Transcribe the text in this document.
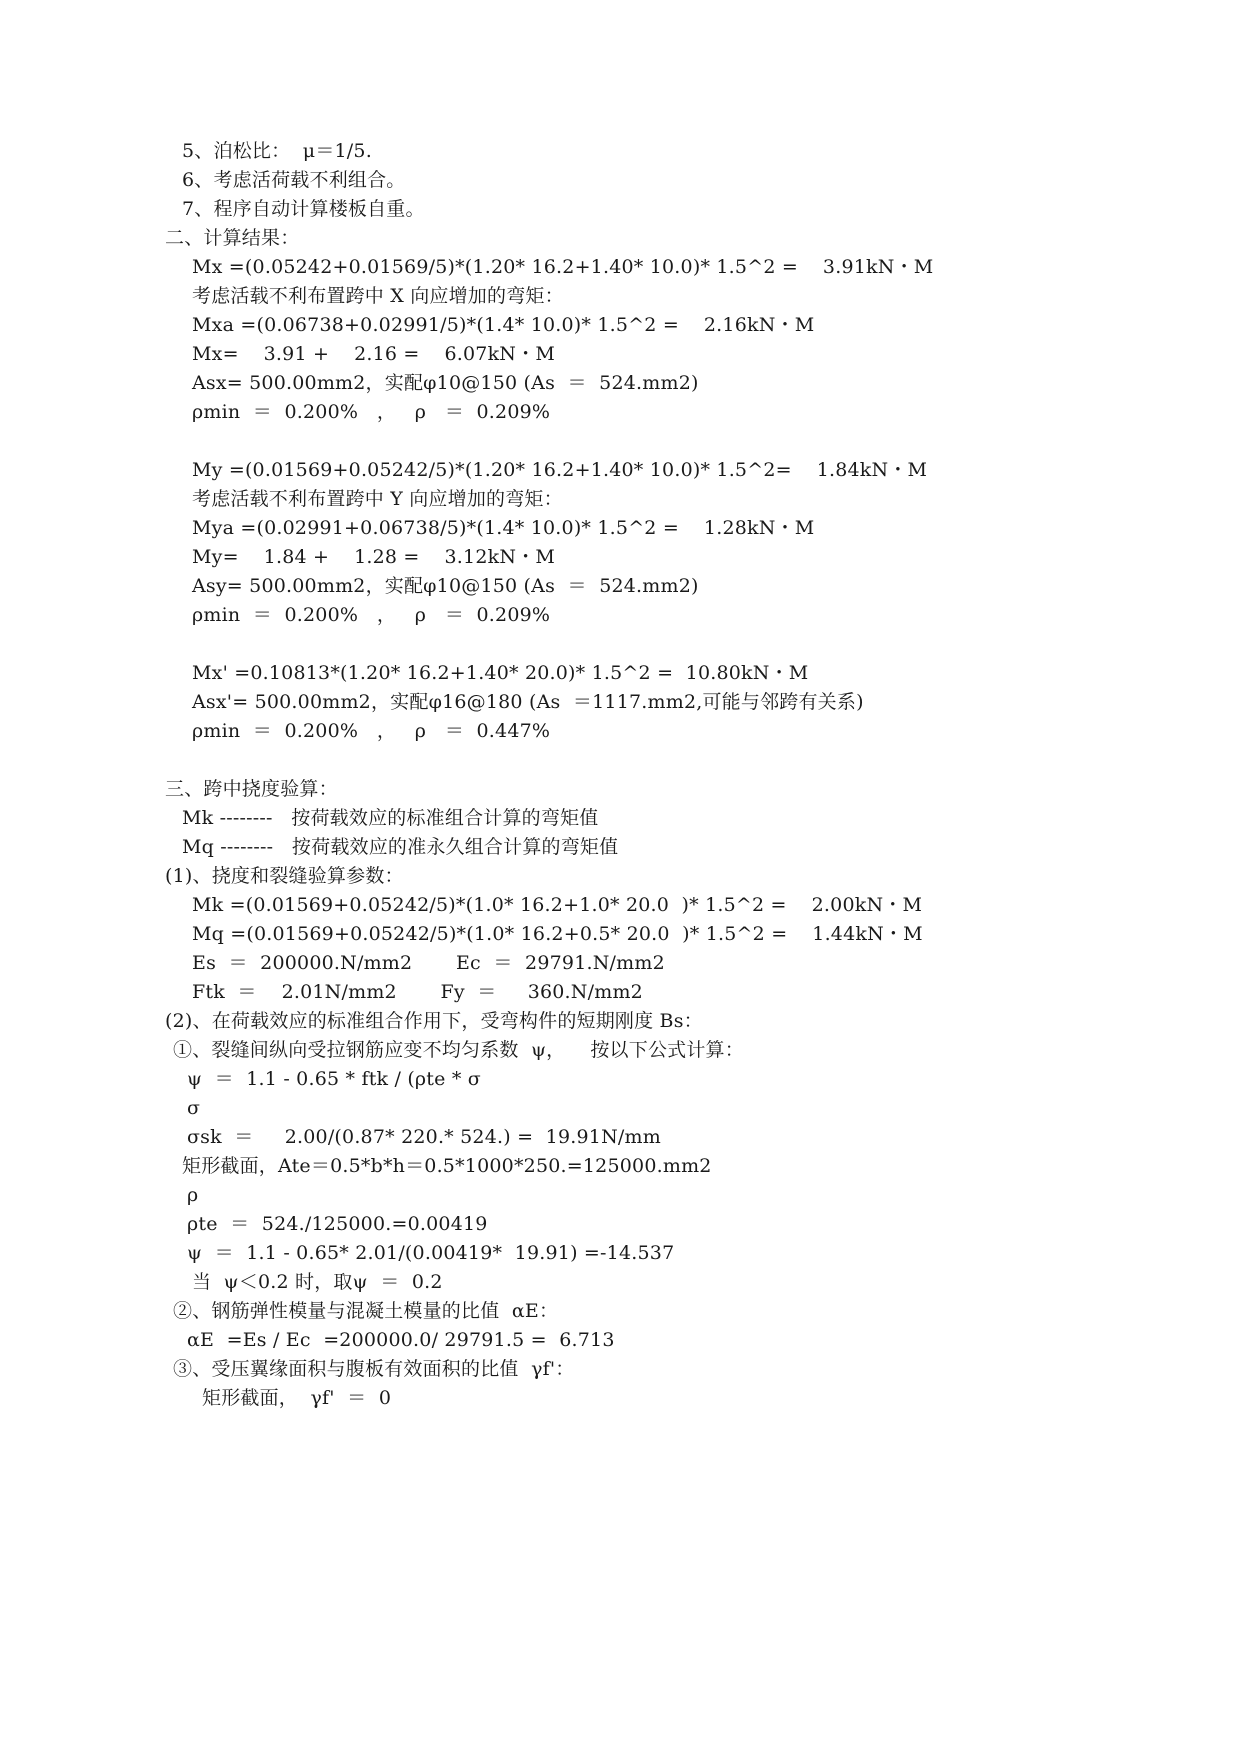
5、泊松比：  μ＝1/5.
6、考虑活荷载不利组合。
7、程序自动计算楼板自重。
二、计算结果：
Mx =(0.05242+0.01569/5)*(1.20* 16.2+1.40* 10.0)* 1.5^2 =    3.91kN・M
考虑活载不利布置跨中 X 向应增加的弯矩：
Mxa =(0.06738+0.02991/5)*(1.4* 10.0)* 1.5^2 =    2.16kN・M
Mx=    3.91 +    2.16 =    6.07kN・M
Asx= 500.00mm2，实配φ10@150 (As  ＝  524.mm2)
ρmin  ＝  0.200%   ，   ρ   ＝  0.209%
My =(0.01569+0.05242/5)*(1.20* 16.2+1.40* 10.0)* 1.5^2=    1.84kN・M
考虑活载不利布置跨中 Y 向应增加的弯矩：
Mya =(0.02991+0.06738/5)*(1.4* 10.0)* 1.5^2 =    1.28kN・M
My=    1.84 +    1.28 =    3.12kN・M
Asy= 500.00mm2，实配φ10@150 (As  ＝  524.mm2)
ρmin  ＝  0.200%   ，   ρ   ＝  0.209%
Mx' =0.10813*(1.20* 16.2+1.40* 20.0)* 1.5^2 =  10.80kN・M
Asx'= 500.00mm2，实配φ16@180 (As  ＝1117.mm2,可能与邻跨有关系)
ρmin  ＝  0.200%   ，   ρ   ＝  0.447%
三、跨中挠度验算：
Mk --------   按荷载效应的标准组合计算的弯矩值
Mq --------   按荷载效应的准永久组合计算的弯矩值
(1)、挠度和裂缝验算参数：
Mk =(0.01569+0.05242/5)*(1.0* 16.2+1.0* 20.0  )* 1.5^2 =    2.00kN・M
Mq =(0.01569+0.05242/5)*(1.0* 16.2+0.5* 20.0  )* 1.5^2 =    1.44kN・M
Es  ＝  200000.N/mm2       Ec  ＝  29791.N/mm2
Ftk  ＝    2.01N/mm2       Fy  ＝     360.N/mm2
(2)、在荷载效应的标准组合作用下，受弯构件的短期刚度 Bs：
①、裂缝间纵向受拉钢筋应变不均匀系数  ψ，    按以下公式计算：
ψ  ＝  1.1 - 0.65 * ftk / (ρte * σ
σ
σsk  ＝     2.00/(0.87* 220.* 524.) =  19.91N/mm
矩形截面，Ate＝0.5*b*h＝0.5*1000*250.=125000.mm2
ρ
ρte  ＝  524./125000.=0.00419
ψ  ＝  1.1 - 0.65* 2.01/(0.00419*  19.91) =-14.537
当  ψ＜0.2 时，取ψ  ＝  0.2
②、钢筋弹性模量与混凝土模量的比值  αE：
αE  =Es / Ec  =200000.0/ 29791.5 =  6.713
③、受压翼缘面积与腹板有效面积的比值  γf'：
矩形截面，  γf'  ＝  0
